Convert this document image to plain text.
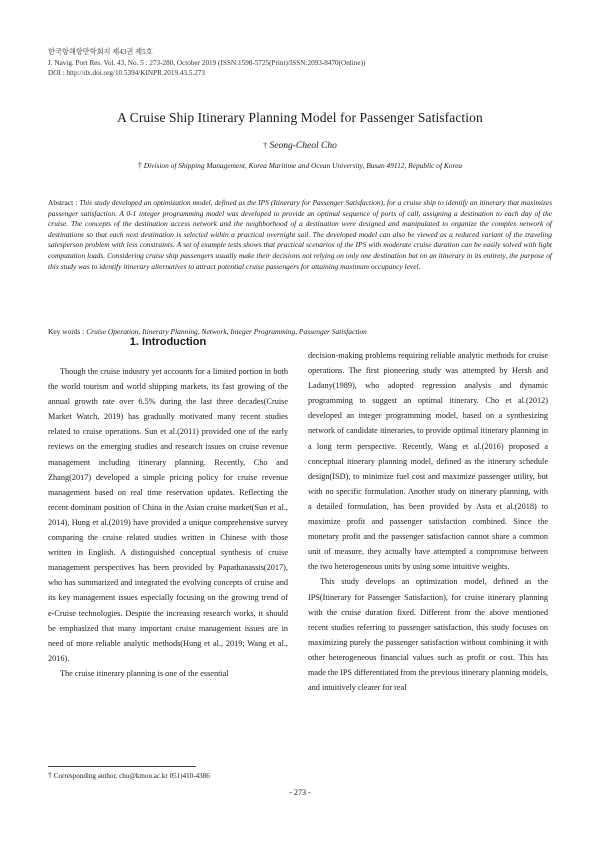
한국항해항만학회지 제43권 제5호
J. Navig. Port Res. Vol. 43, No. 5 : 273-280, October 2019 (ISSN:1598-5725(Print)/ISSN:2093-8470(Online))
DOI : http://dx.doi.org/10.5394/KINPR.2019.43.5.273
A Cruise Ship Itinerary Planning Model for Passenger Satisfaction
† Seong-Cheol Cho
† Division of Shipping Management, Korea Maritime and Ocean University, Busan 49112, Republic of Korea

Abstract : This study developed an optimization model, defined as the IPS (Itinerary for Passenger Satisfaction), for a cruise ship to identify an itinerary that maximizes passenger satisfaction. A 0-1 integer programming model was developed to provide an optimal sequence of ports of call, assigning a destination to each day of the cruise. The concepts of the destination access network and the neighborhood of a destination were designed and manipulated to organize the complex network of destinations so that each next destination is selected within a practical overnight sail. The developed model can also be viewed as a reduced variant of the traveling salesperson problem with less constraints. A set of example tests shows that practical scenarios of the IPS with moderate cruise duration can be easily solved with light computation loads. Considering cruise ship passengers usually make their decisions not relying on only one destination but on an itinerary in its entirety, the purpose of this study was to identify itinerary alternatives to attract potential cruise passengers for attaining maximum occupancy level.

Key words : Cruise Operation, Itinerary Planning, Network, Integer Programming, Passenger Satisfaction

1. Introduction

Though the cruise industry yet accounts for a limited portion in both the world tourism and world shipping markets, its fast growing of the annual growth rate over 6.5% during the last three decades(Cruise Market Watch, 2019) has gradually motivated many recent studies related to cruise operations. Sun et al.(2011) provided one of the early reviews on the emerging studies and research issues on cruise revenue management including itinerary planning. Recently, Cho and Zhang(2017) developed a simple pricing policy for cruise revenue management based on real time reservation updates. Reflecting the recent dominant position of China in the Asian cruise market(Sun et al., 2014), Hung et al.(2019) have provided a unique comprehensive survey comparing the cruise related studies written in Chinese with those written in English. A distinguished conceptual synthesis of cruise management perspectives has been provided by Papathanassis(2017), who has summarized and integrated the evolving concepts of cruise and its key management issues especially focusing on the growing trend of e-Cruise technologies. Despite the increasing research works, it should be emphasized that many important cruise management issues are in need of more reliable analytic methods(Hung et al., 2019; Wang et al., 2016).

The cruise itinerary planning is one of the essential

decision-making problems requiring reliable analytic methods for cruise operations. The first pioneering study was attempted by Hersh and Ladany(1989), who adopted regression analysis and dynamic programming to suggest an optimal itinerary. Cho et al.(2012) developed an integer programming model, based on a synthesizing network of candidate itineraries, to provide optimal itinerary planning in a long term perspective. Recently, Wang et al.(2016) proposed a conceptual itinerary planning model, defined as the itinerary schedule design(ISD), to minimize fuel cost and maximize passenger utility, but with no specific formulation. Another study on itinerary planning, with a detailed formulation, has been provided by Asta et al.(2018) to maximize profit and passenger satisfaction combined. Since the monetary profit and the passenger satisfaction cannot share a common unit of measure, they actually have attempted a compromise between the two heterogeneous units by using some intuitive weights.

This study develops an optimization model, defined as the IPS(Itinerary for Passenger Satisfaction), for cruise itinerary planning with the cruise duration fixed. Different from the above mentioned recent studies referring to passenger satisfaction, this study focuses on maximizing purely the passenger satisfaction without combining it with other heterogeneous financial values such as profit or cost. This has made the IPS differentiated from the previous itinerary planning models, and intuitively clearer for real

† Corresponding author, cho@kmou.ac.kr 051)410-4386
- 273 -
